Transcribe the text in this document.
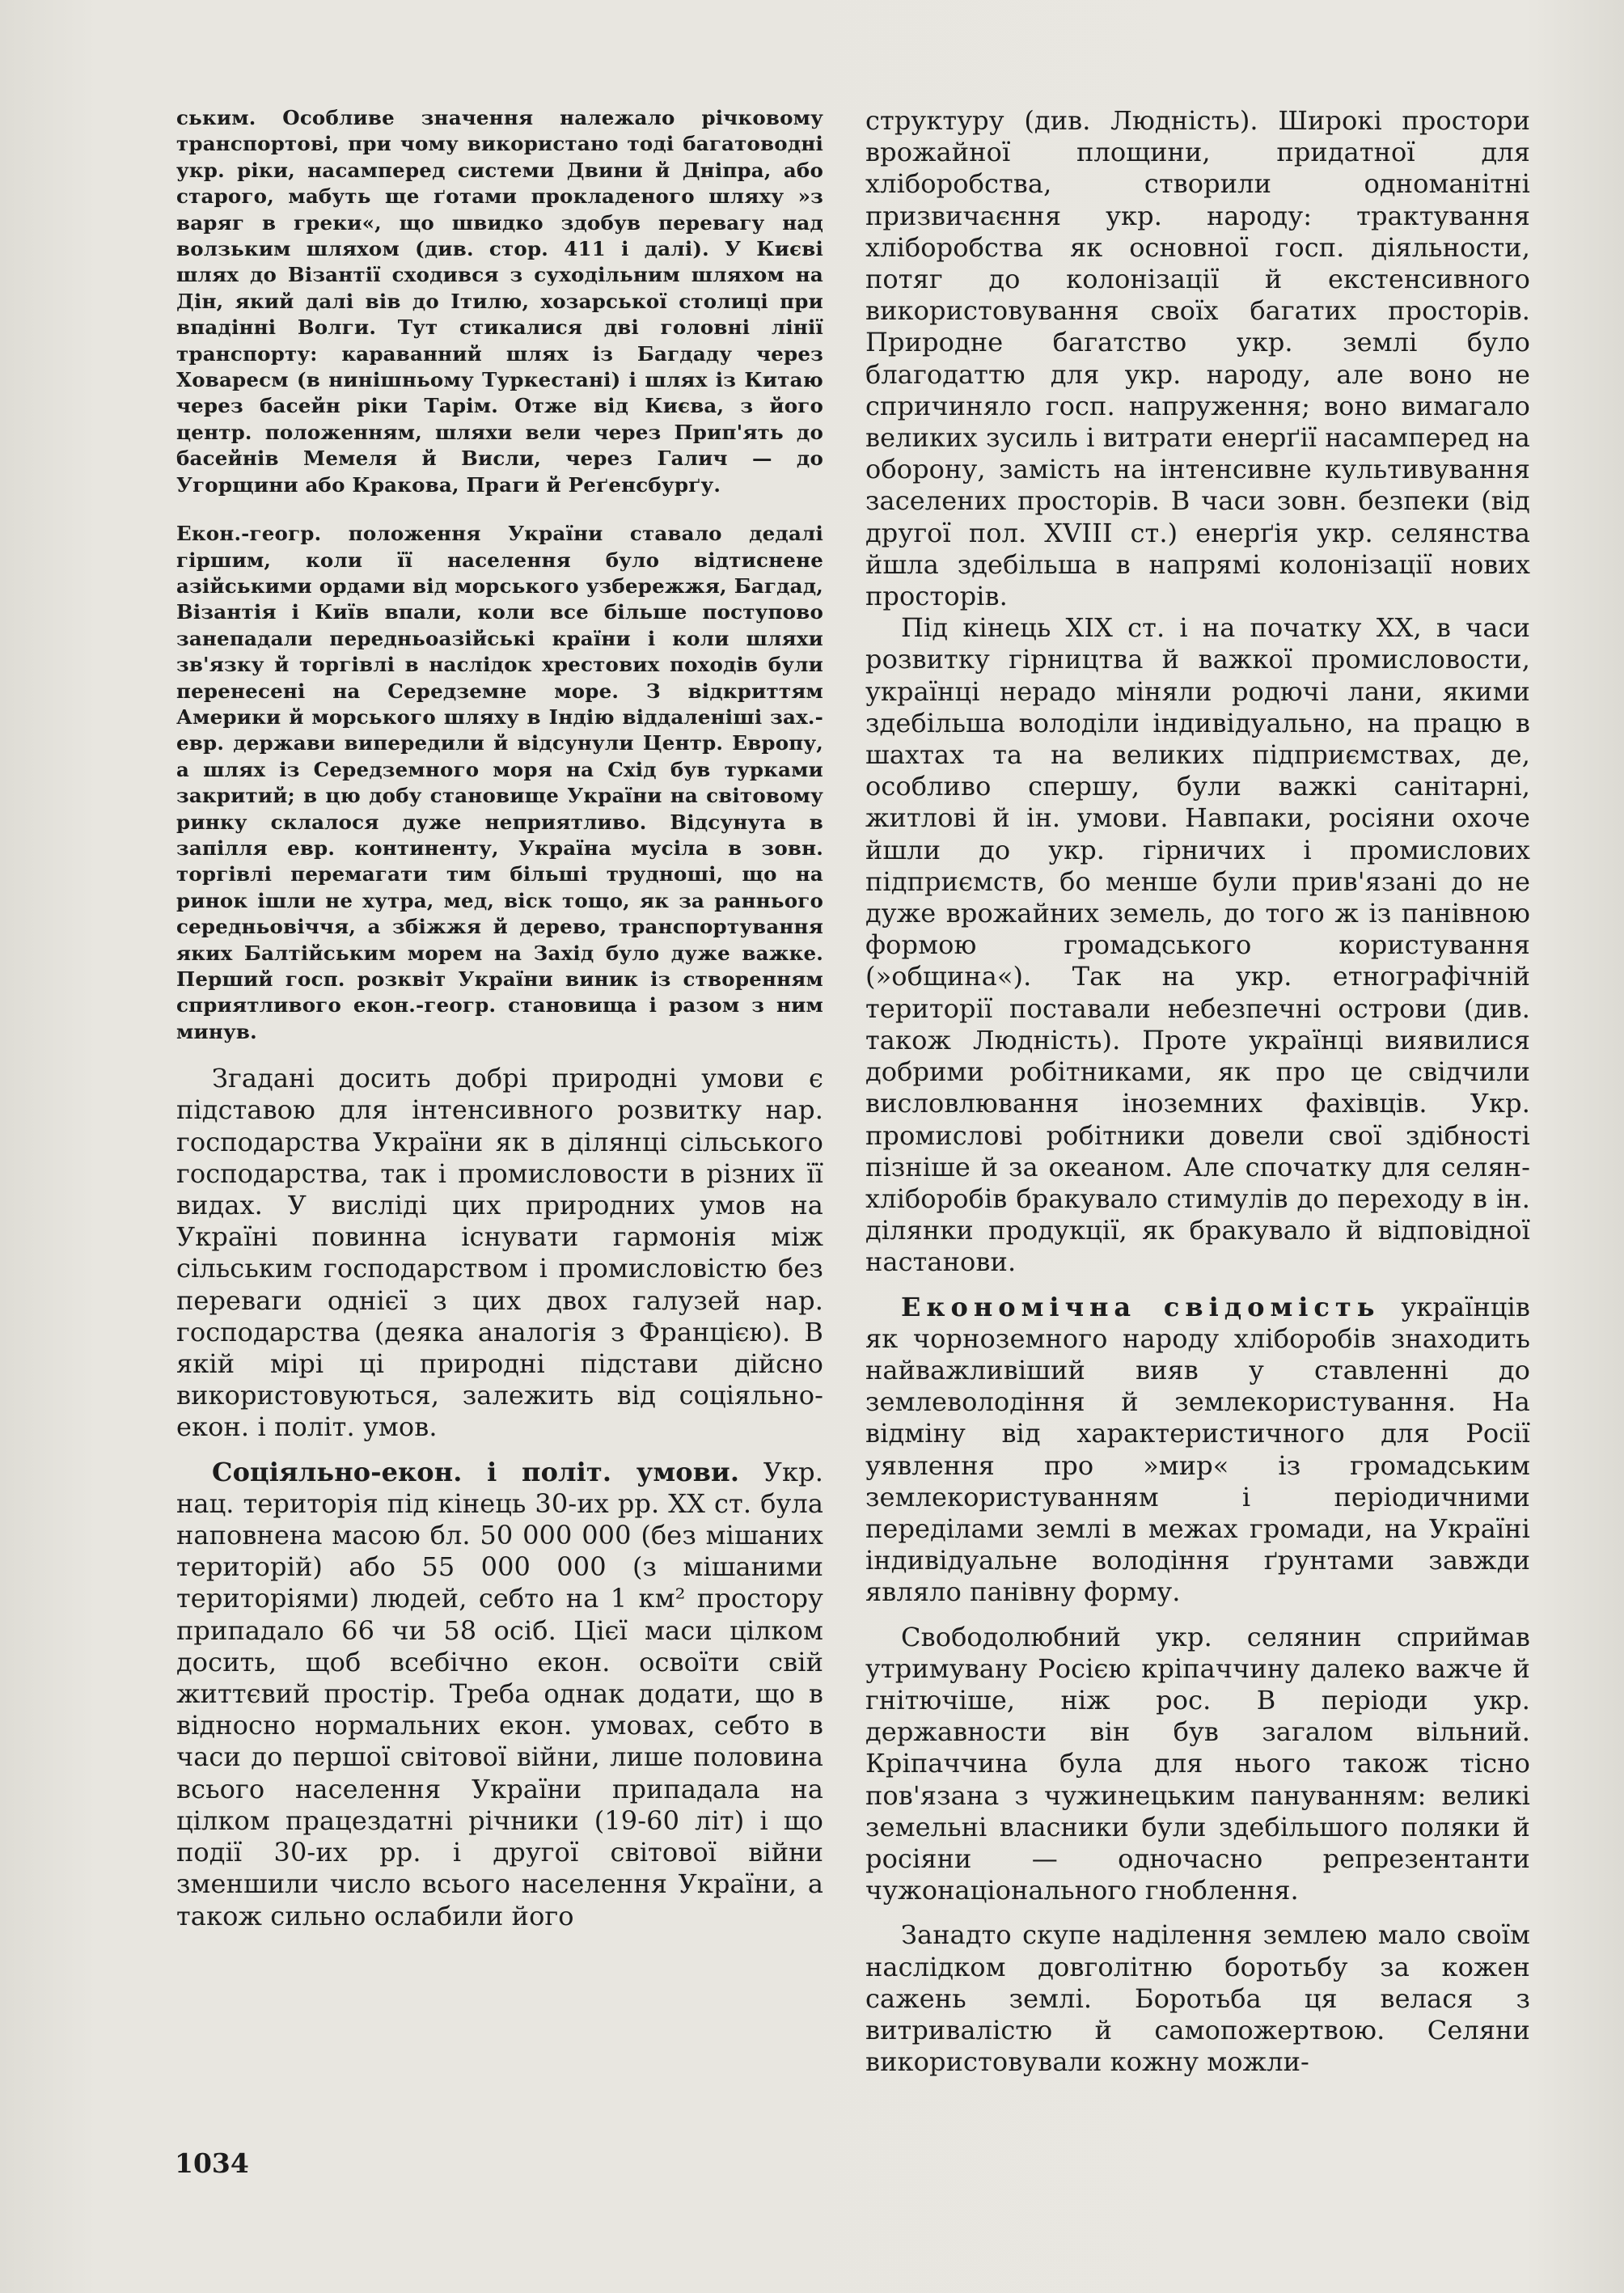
ським. Особливе значення належало річковому транспортові, при чому використано тоді багатоводні укр. ріки, насамперед системи Двини й Дніпра, або старого, мабуть ще ґотами прокладеного шляху »з варяг в греки«, що швидко здобув перевагу над волзьким шляхом (див. стор. 411 і далі). У Києві шлях до Візантії сходився з суходільним шляхом на Дін, який далі вів до Ітилю, хозарської столиці при впадінні Волги. Тут стикалися дві головні лінії транспорту: караванний шлях із Багдаду через Ховаресм (в нинішньому Туркестані) і шлях із Китаю через басейн ріки Тарім. Отже від Києва, з його центр. положенням, шляхи вели через Прип'ять до басейнів Мемеля й Висли, через Галич — до Угорщини або Кракова, Праги й Реґенсбурґу.

Екон.-геогр. положення України ставало дедалі гіршим, коли її населення було відтиснене азійськими ордами від морського узбережжя, Багдад, Візантія і Київ впали, коли все більше поступово занепадали передньоазійські країни і коли шляхи зв'язку й торгівлі в наслідок хрестових походів були перенесені на Середземне море. З відкриттям Америки й морського шляху в Індію віддаленіші зах.-евр. держави випередили й відсунули Центр. Европу, а шлях із Середземного моря на Схід був турками закритий; в цю добу становище України на світовому ринку склалося дуже неприятливо. Відсунута в запілля евр. континенту, Україна мусіла в зовн. торгівлі перемагати тим більші трудноші, що на ринок ішли не хутра, мед, віск тощо, як за раннього середньовіччя, а збіжжя й дерево, транспортування яких Балтійським морем на Захід було дуже важке. Перший госп. розквіт України виник із створенням сприятливого екон.-геогр. становища і разом з ним минув.

Згадані досить добрі природні умови є підставою для інтенсивного розвитку нар. господарства України як в ділянці сільського господарства, так і промисловости в різних її видах. У висліді цих природних умов на Україні повинна існувати гармонія між сільським господарством і промисловістю без переваги однієї з цих двох галузей нар. господарства (деяка аналогія з Францією). В якій мірі ці природні підстави дійсно використовуються, залежить від соціяльно-екон. і політ. умов.

Соціяльно-екон. і політ. умови. Укр. нац. територія під кінець 30-их рр. XX ст. була наповнена масою бл. 50 000 000 (без мішаних територій) або 55 000 000 (з мішаними територіями) людей, себто на 1 км² простору припадало 66 чи 58 осіб. Цієї маси цілком досить, щоб всебічно екон. освоїти свій життєвий простір. Треба однак додати, що в відносно нормальних екон. умовах, себто в часи до першої світової війни, лише половина всього населення України припадала на цілком працездатні річники (19-60 літ) і що події 30-их рр. і другої світової війни зменшили число всього населення України, а також сильно ослабили його

структуру (див. Людність). Широкі простори врожайної площини, придатної для хліборобства, створили одноманітні призвичаєння укр. народу: трактування хліборобства як основної госп. діяльности, потяг до колонізації й екстенсивного використовування своїх багатих просторів. Природне багатство укр. землі було благодаттю для укр. народу, але воно не спричиняло госп. напруження; воно вимагало великих зусиль і витрати енерґії насамперед на оборону, замість на інтенсивне культивування заселених просторів. В часи зовн. безпеки (від другої пол. XVIII ст.) енерґія укр. селянства йшла здебільша в напрямі колонізації нових просторів.

Під кінець XIX ст. і на початку XX, в часи розвитку гірництва й важкої промисловости, українці нерадо міняли родючі лани, якими здебільша володіли індивідуально, на працю в шахтах та на великих підприємствах, де, особливо спершу, були важкі санітарні, житлові й ін. умови. Навпаки, росіяни охоче йшли до укр. гірничих і промислових підприємств, бо менше були прив'язані до не дуже врожайних земель, до того ж із панівною формою громадського користування (»община«). Так на укр. етнографічній території поставали небезпечні острови (див. також Людність). Проте українці виявилися добрими робітниками, як про це свідчили висловлювання іноземних фахівців. Укр. промислові робітники довели свої здібності пізніше й за океаном. Але спочатку для селян-хліборобів бракувало стимулів до переходу в ін. ділянки продукції, як бракувало й відповідної настанови.

Економічна свідомість українців як чорноземного народу хліборобів знаходить найважливіший вияв у ставленні до землеволодіння й землекористування. На відміну від характеристичного для Росії уявлення про »мир« із громадським землекористуванням і періодичними переділами землі в межах громади, на Україні індивідуальне володіння ґрунтами завжди являло панівну форму.

Свободолюбний укр. селянин сприймав утримувану Росією кріпаччину далеко важче й гнітючіше, ніж рос. В періоди укр. державности він був загалом вільний. Кріпаччина була для нього також тісно пов'язана з чужинецьким пануванням: великі земельні власники були здебільшого поляки й росіяни — одночасно репрезентанти чужонаціонального гноблення.

Занадто скупе наділення землею мало своїм наслідком довголітню боротьбу за кожен сажень землі. Боротьба ця велася з витривалістю й самопожертвою. Селяни використовували кожну можли-

1034
